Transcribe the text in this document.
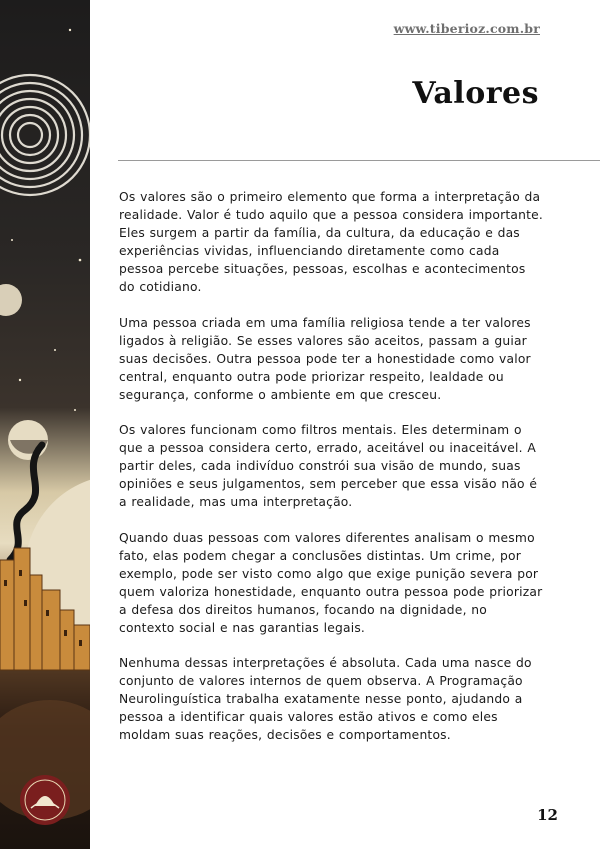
www.tiberioz.com.br
Valores

Os valores são o primeiro elemento que forma a interpretação da realidade. Valor é tudo aquilo que a pessoa considera importante. Eles surgem a partir da família, da cultura, da educação e das experiências vividas, influenciando diretamente como cada pessoa percebe situações, pessoas, escolhas e acontecimentos do cotidiano.

Uma pessoa criada em uma família religiosa tende a ter valores ligados à religião. Se esses valores são aceitos, passam a guiar suas decisões. Outra pessoa pode ter a honestidade como valor central, enquanto outra pode priorizar respeito, lealdade ou segurança, conforme o ambiente em que cresceu.

Os valores funcionam como filtros mentais. Eles determinam o que a pessoa considera certo, errado, aceitável ou inaceitável. A partir deles, cada indivíduo constrói sua visão de mundo, suas opiniões e seus julgamentos, sem perceber que essa visão não é a realidade, mas uma interpretação.

Quando duas pessoas com valores diferentes analisam o mesmo fato, elas podem chegar a conclusões distintas. Um crime, por exemplo, pode ser visto como algo que exige punição severa por quem valoriza honestidade, enquanto outra pessoa pode priorizar a defesa dos direitos humanos, focando na dignidade, no contexto social e nas garantias legais.

Nenhuma dessas interpretações é absoluta. Cada uma nasce do conjunto de valores internos de quem observa. A Programação Neurolinguística trabalha exatamente nesse ponto, ajudando a pessoa a identificar quais valores estão ativos e como eles moldam suas reações, decisões e comportamentos.

12
